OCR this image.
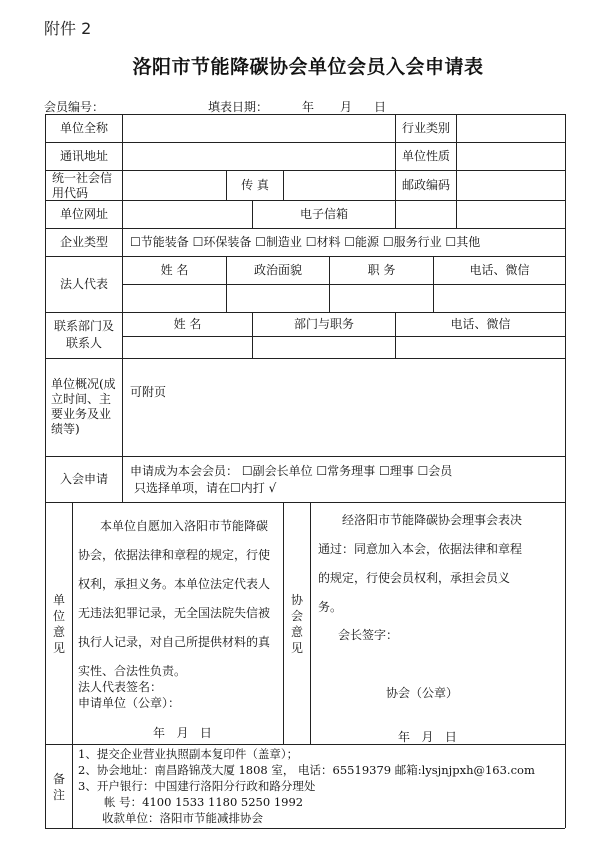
附件 2
洛阳市节能降碳协会单位会员入会申请表
会员编号：	填表日期：	年 月 日
单位全称	行业类别
通讯地址	单位性质
统一社会信
用代码
传 真	邮政编码
单位网址	电子信箱
企业类型	☐节能装备 ☐环保装备 ☐制造业 ☐材料 ☐能源 ☐服务行业 ☐其他
法人代表
姓 名	政治面貌	职 务	电话、微信
联系部门及
联系人
姓 名	部门与职务	电话、微信
单位概况(成
立时间、主
要业务及业
绩等)
可附页
入会申请
申请成为本会会员： ☐副会长单位 ☐常务理事 ☐理事 ☐会员
只选择单项，请在☐内打 √
单
位
意
见
本单位自愿加入洛阳市节能降碳
协会，依据法律和章程的规定，行使
权利，承担义务。本单位法定代表人
无违法犯罪记录，无全国法院失信被
执行人记录，对自己所提供材料的真
实性、合法性负责。
法人代表签名：
申请单位（公章）：
年   月   日
协
会
意
见
经洛阳市节能降碳协会理事会表决
通过：同意加入本会，依据法律和章程
的规定，行使会员权利，承担会员义
务。
会长签字：
协会（公章）
年   月   日
备
注
1、提交企业营业执照副本复印件（盖章）；
2、协会地址：南昌路锦茂大厦 1808 室， 电话：65519379 邮箱:lysjnjpxh@163.com
3、开户银行：中国建行洛阳分行政和路分理处
帐 号：4100 1533 1180 5250 1992
收款单位：洛阳市节能减排协会
